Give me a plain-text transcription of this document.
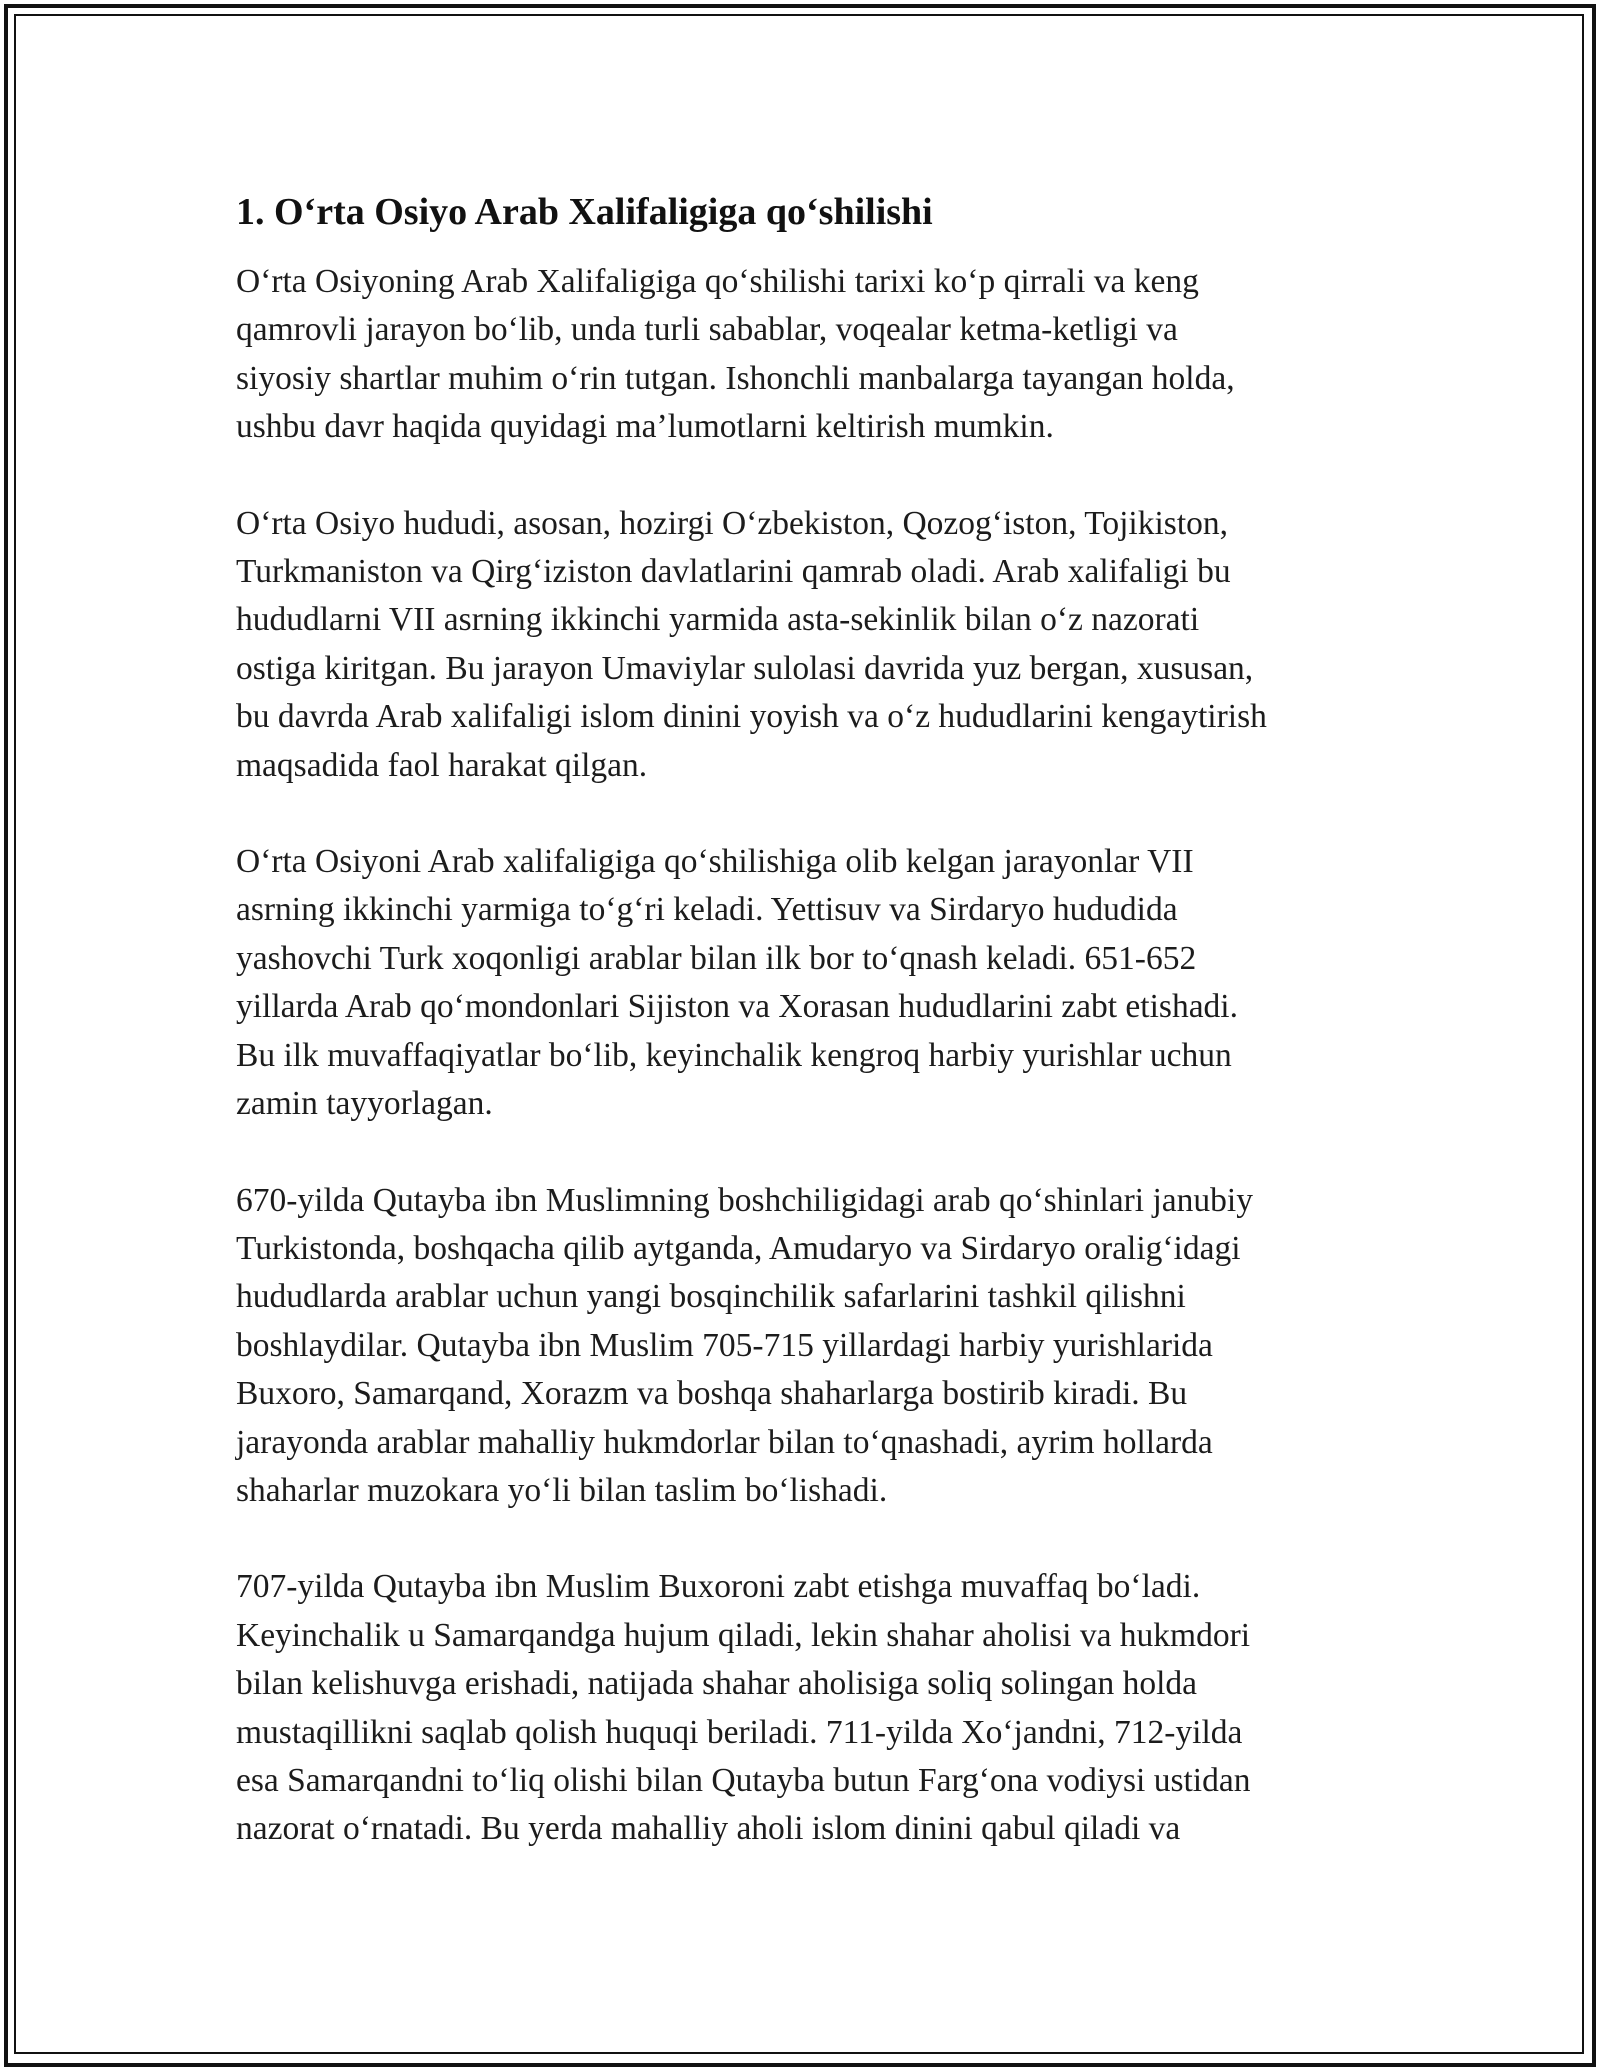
1. O‘rta Osiyo Arab Xalifaligiga qo‘shilishi

O‘rta Osiyoning Arab Xalifaligiga qo‘shilishi tarixi ko‘p qirrali va keng
qamrovli jarayon bo‘lib, unda turli sabablar, voqealar ketma-ketligi va
siyosiy shartlar muhim o‘rin tutgan. Ishonchli manbalarga tayangan holda,
ushbu davr haqida quyidagi ma’lumotlarni keltirish mumkin.

O‘rta Osiyo hududi, asosan, hozirgi O‘zbekiston, Qozog‘iston, Tojikiston,
Turkmaniston va Qirg‘iziston davlatlarini qamrab oladi. Arab xalifaligi bu
hududlarni VII asrning ikkinchi yarmida asta-sekinlik bilan o‘z nazorati
ostiga kiritgan. Bu jarayon Umaviylar sulolasi davrida yuz bergan, xususan,
bu davrda Arab xalifaligi islom dinini yoyish va o‘z hududlarini kengaytirish
maqsadida faol harakat qilgan.

O‘rta Osiyoni Arab xalifaligiga qo‘shilishiga olib kelgan jarayonlar VII
asrning ikkinchi yarmiga to‘g‘ri keladi. Yettisuv va Sirdaryo hududida
yashovchi Turk xoqonligi arablar bilan ilk bor to‘qnash keladi. 651-652
yillarda Arab qo‘mondonlari Sijiston va Xorasan hududlarini zabt etishadi.
Bu ilk muvaffaqiyatlar bo‘lib, keyinchalik kengroq harbiy yurishlar uchun
zamin tayyorlagan.

670-yilda Qutayba ibn Muslimning boshchiligidagi arab qo‘shinlari janubiy
Turkistonda, boshqacha qilib aytganda, Amudaryo va Sirdaryo oralig‘idagi
hududlarda arablar uchun yangi bosqinchilik safarlarini tashkil qilishni
boshlaydilar. Qutayba ibn Muslim 705-715 yillardagi harbiy yurishlarida
Buxoro, Samarqand, Xorazm va boshqa shaharlarga bostirib kiradi. Bu
jarayonda arablar mahalliy hukmdorlar bilan to‘qnashadi, ayrim hollarda
shaharlar muzokara yo‘li bilan taslim bo‘lishadi.

707-yilda Qutayba ibn Muslim Buxoroni zabt etishga muvaffaq bo‘ladi.
Keyinchalik u Samarqandga hujum qiladi, lekin shahar aholisi va hukmdori
bilan kelishuvga erishadi, natijada shahar aholisiga soliq solingan holda
mustaqillikni saqlab qolish huquqi beriladi. 711-yilda Xo‘jandni, 712-yilda
esa Samarqandni to‘liq olishi bilan Qutayba butun Farg‘ona vodiysi ustidan
nazorat o‘rnatadi. Bu yerda mahalliy aholi islom dinini qabul qiladi va
